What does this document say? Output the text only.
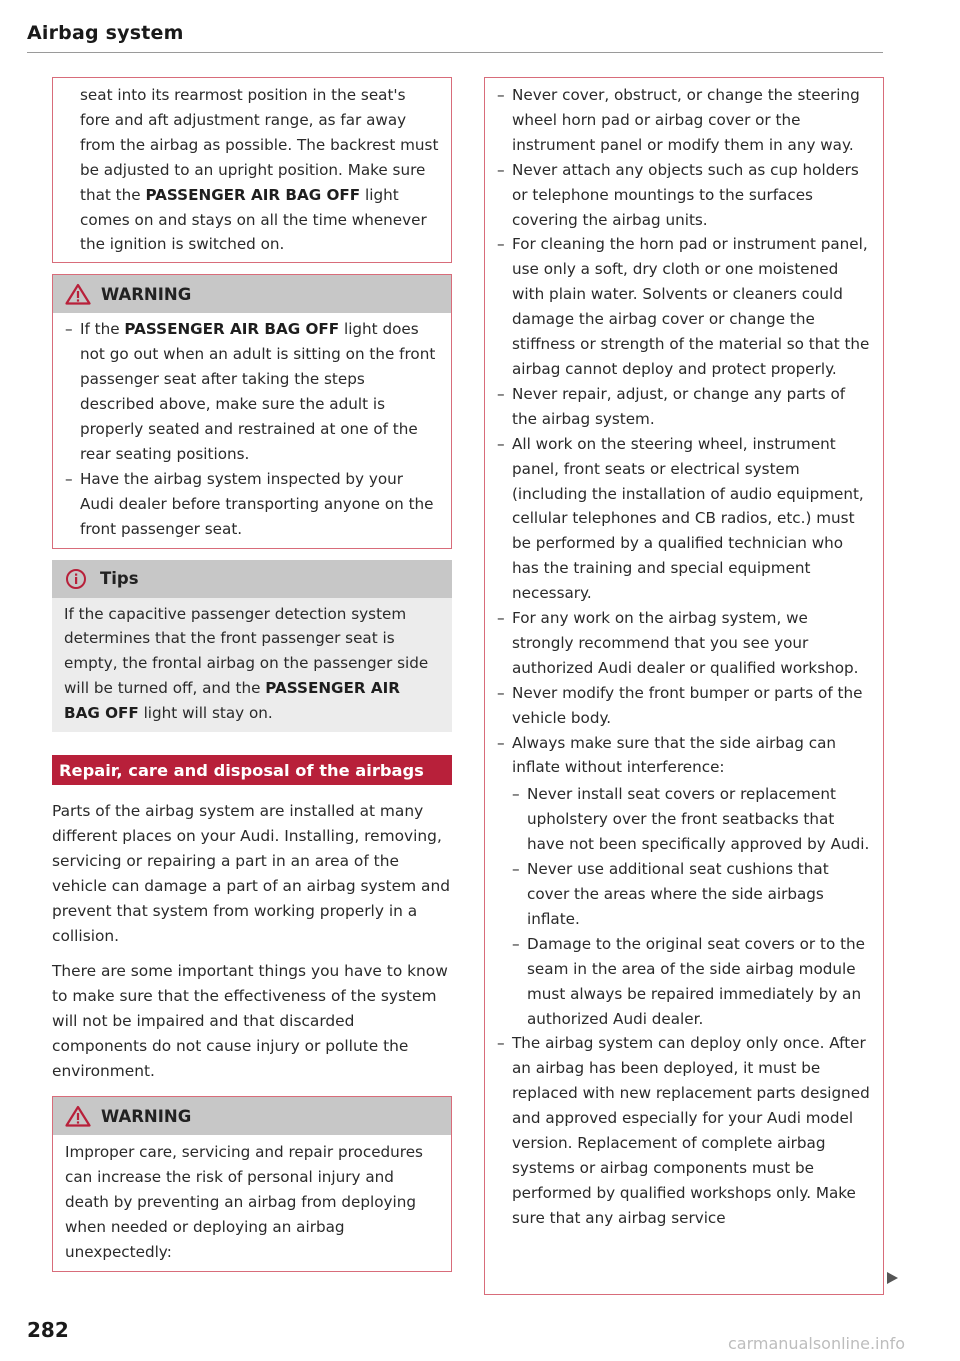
Airbag system

seat into its rearmost position in the seat's fore and aft adjustment range, as far away from the airbag as possible. The backrest must be adjusted to an upright position. Make sure that the PASSENGER AIR BAG OFF light comes on and stays on all the time whenever the ignition is switched on.

WARNING
– If the PASSENGER AIR BAG OFF light does not go out when an adult is sitting on the front passenger seat after taking the steps described above, make sure the adult is properly seated and restrained at one of the rear seating positions.
– Have the airbag system inspected by your Audi dealer before transporting anyone on the front passenger seat.
Tips

If the capacitive passenger detection system determines that the front passenger seat is empty, the frontal airbag on the passenger side will be turned off, and the PASSENGER AIR BAG OFF light will stay on.

Repair, care and disposal of the airbags

Parts of the airbag system are installed at many different places on your Audi. Installing, removing, servicing or repairing a part in an area of the vehicle can damage a part of an airbag system and prevent that system from working properly in a collision.

There are some important things you have to know to make sure that the effectiveness of the system will not be impaired and that discarded components do not cause injury or pollute the environment.

WARNING

Improper care, servicing and repair procedures can increase the risk of personal injury and death by preventing an airbag from deploying when needed or deploying an airbag unexpectedly:

– Never cover, obstruct, or change the steering wheel horn pad or airbag cover or the instrument panel or modify them in any way.
– Never attach any objects such as cup holders or telephone mountings to the surfaces covering the airbag units.
– For cleaning the horn pad or instrument panel, use only a soft, dry cloth or one moistened with plain water. Solvents or cleaners could damage the airbag cover or change the stiffness or strength of the material so that the airbag cannot deploy and protect properly.
– Never repair, adjust, or change any parts of the airbag system.
– All work on the steering wheel, instrument panel, front seats or electrical system (including the installation of audio equipment, cellular telephones and CB radios, etc.) must be performed by a qualified technician who has the training and special equipment necessary.
– For any work on the airbag system, we strongly recommend that you see your authorized Audi dealer or qualified workshop.
– Never modify the front bumper or parts of the vehicle body.
– Always make sure that the side airbag can inflate without interference:
– Never install seat covers or replacement upholstery over the front seatbacks that have not been specifically approved by Audi.
– Never use additional seat cushions that cover the areas where the side airbags inflate.
– Damage to the original seat covers or to the seam in the area of the side airbag module must always be repaired immediately by an authorized Audi dealer.
– The airbag system can deploy only once. After an airbag has been deployed, it must be replaced with new replacement parts designed and approved especially for your Audi model version. Replacement of complete airbag systems or airbag components must be performed by qualified workshops only. Make sure that any airbag service
282
carmanualsonline.info
